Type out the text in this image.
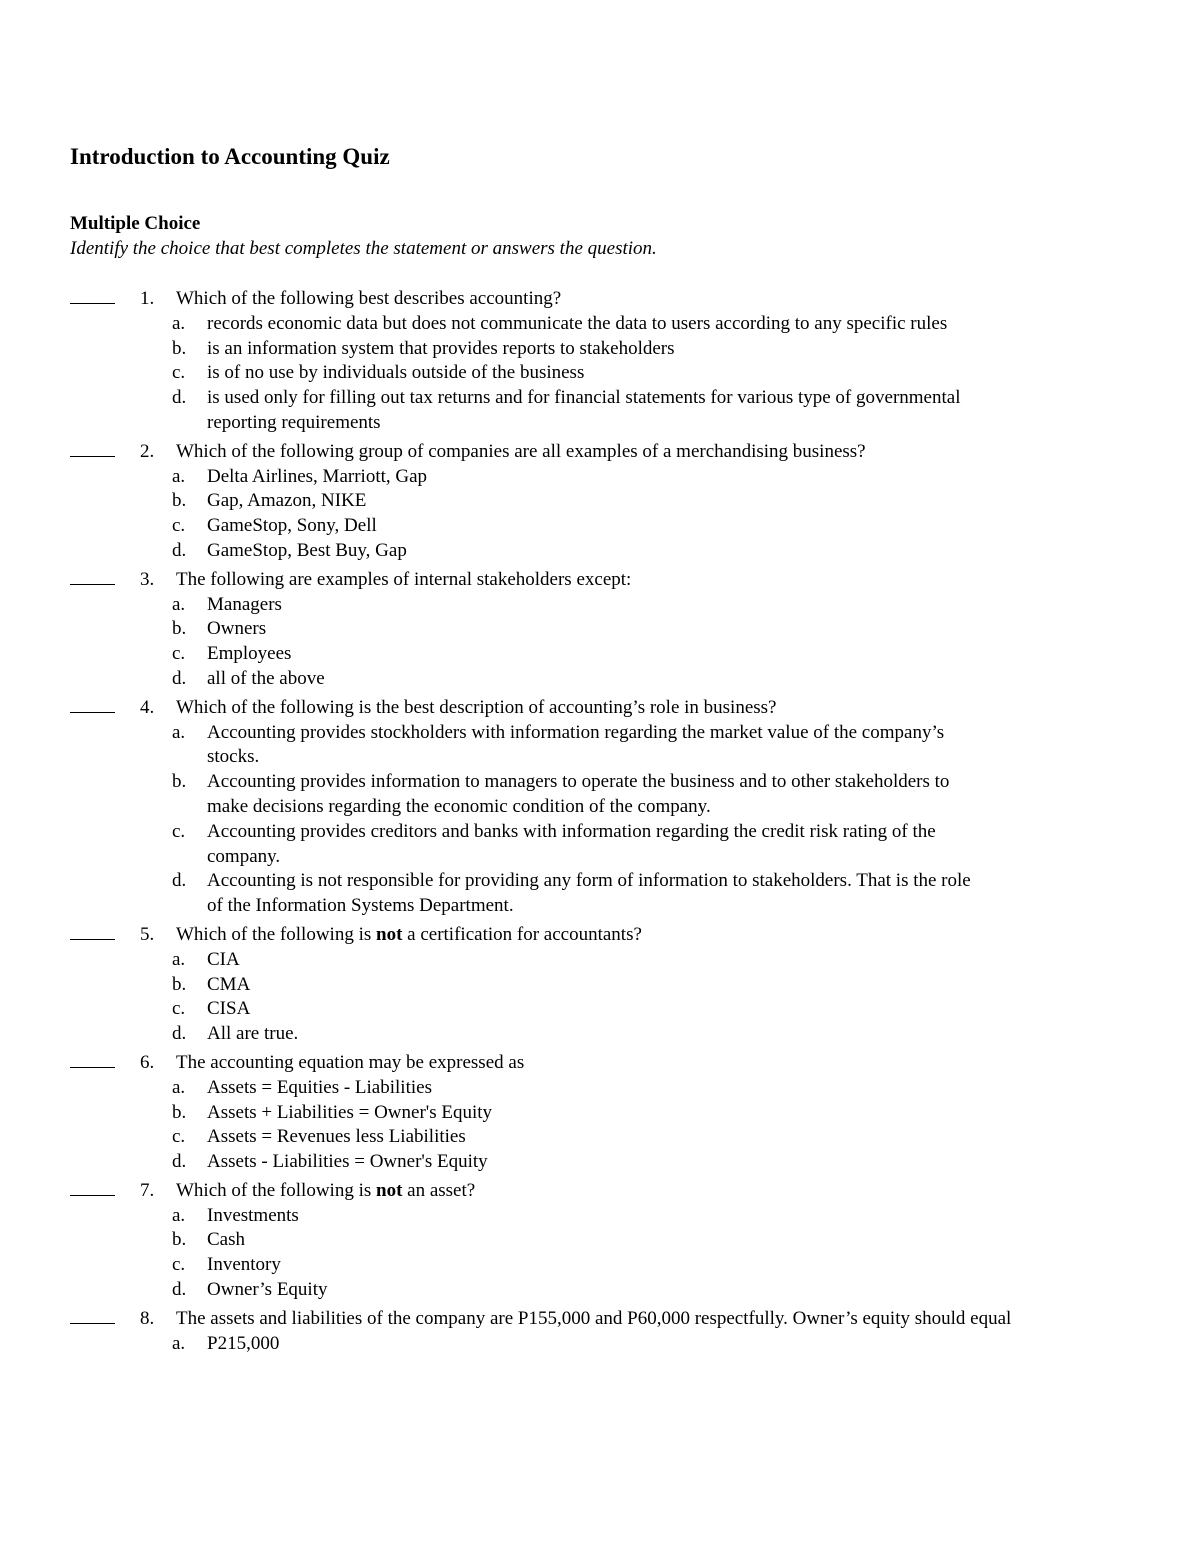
Introduction to Accounting Quiz
Multiple Choice
Identify the choice that best completes the statement or answers the question.
1. Which of the following best describes accounting?
a. records economic data but does not communicate the data to users according to any specific rules
b. is an information system that provides reports to stakeholders
c. is of no use by individuals outside of the business
d. is used only for filling out tax returns and for financial statements for various type of governmental reporting requirements
2. Which of the following group of companies are all examples of a merchandising business?
a. Delta Airlines, Marriott, Gap
b. Gap, Amazon, NIKE
c. GameStop, Sony, Dell
d. GameStop, Best Buy, Gap
3. The following are examples of internal stakeholders except:
a. Managers
b. Owners
c. Employees
d. all of the above
4. Which of the following is the best description of accounting’s role in business?
a. Accounting provides stockholders with information regarding the market value of the company’s stocks.
b. Accounting provides information to managers to operate the business and to other stakeholders to make decisions regarding the economic condition of the company.
c. Accounting provides creditors and banks with information regarding the credit risk rating of the company.
d. Accounting is not responsible for providing any form of information to stakeholders. That is the role of the Information Systems Department.
5. Which of the following is not a certification for accountants?
a. CIA
b. CMA
c. CISA
d. All are true.
6. The accounting equation may be expressed as
a. Assets = Equities - Liabilities
b. Assets + Liabilities = Owner's Equity
c. Assets = Revenues less Liabilities
d. Assets - Liabilities = Owner's Equity
7. Which of the following is not an asset?
a. Investments
b. Cash
c. Inventory
d. Owner’s Equity
8. The assets and liabilities of the company are P155,000 and P60,000 respectfully. Owner’s equity should equal
a. P215,000
